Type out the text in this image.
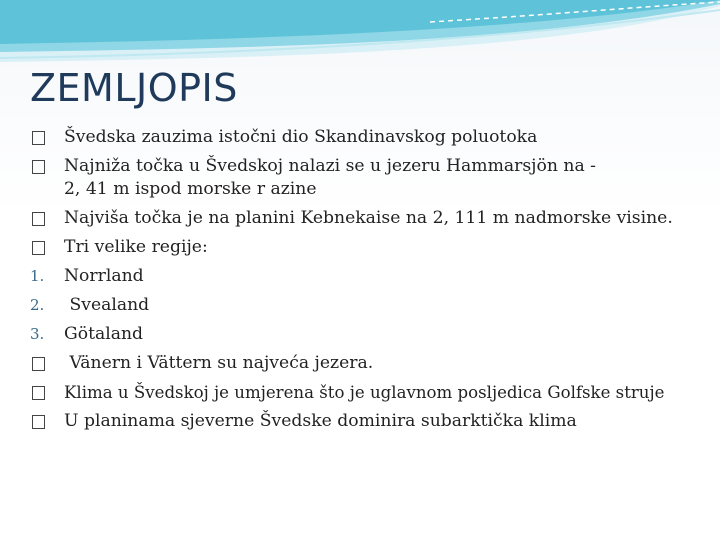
ZEMLJOPIS
Švedska zauzima istočni dio Skandinavskog poluotoka
Najniža točka u Švedskoj nalazi se u jezeru Hammarsjön na -
2, 41 m ispod morske r azine
Najviša točka je na planini Kebnekaise na 2, 111 m nadmorske visine.
Tri velike regije:
1.	Norrland
2.	Svealand
3.	Götaland
Vänern i Vättern su najveća jezera.
Klima u Švedskoj je umjerena što je uglavnom posljedica Golfske struje
U planinama sjeverne Švedske dominira subarktička klima
